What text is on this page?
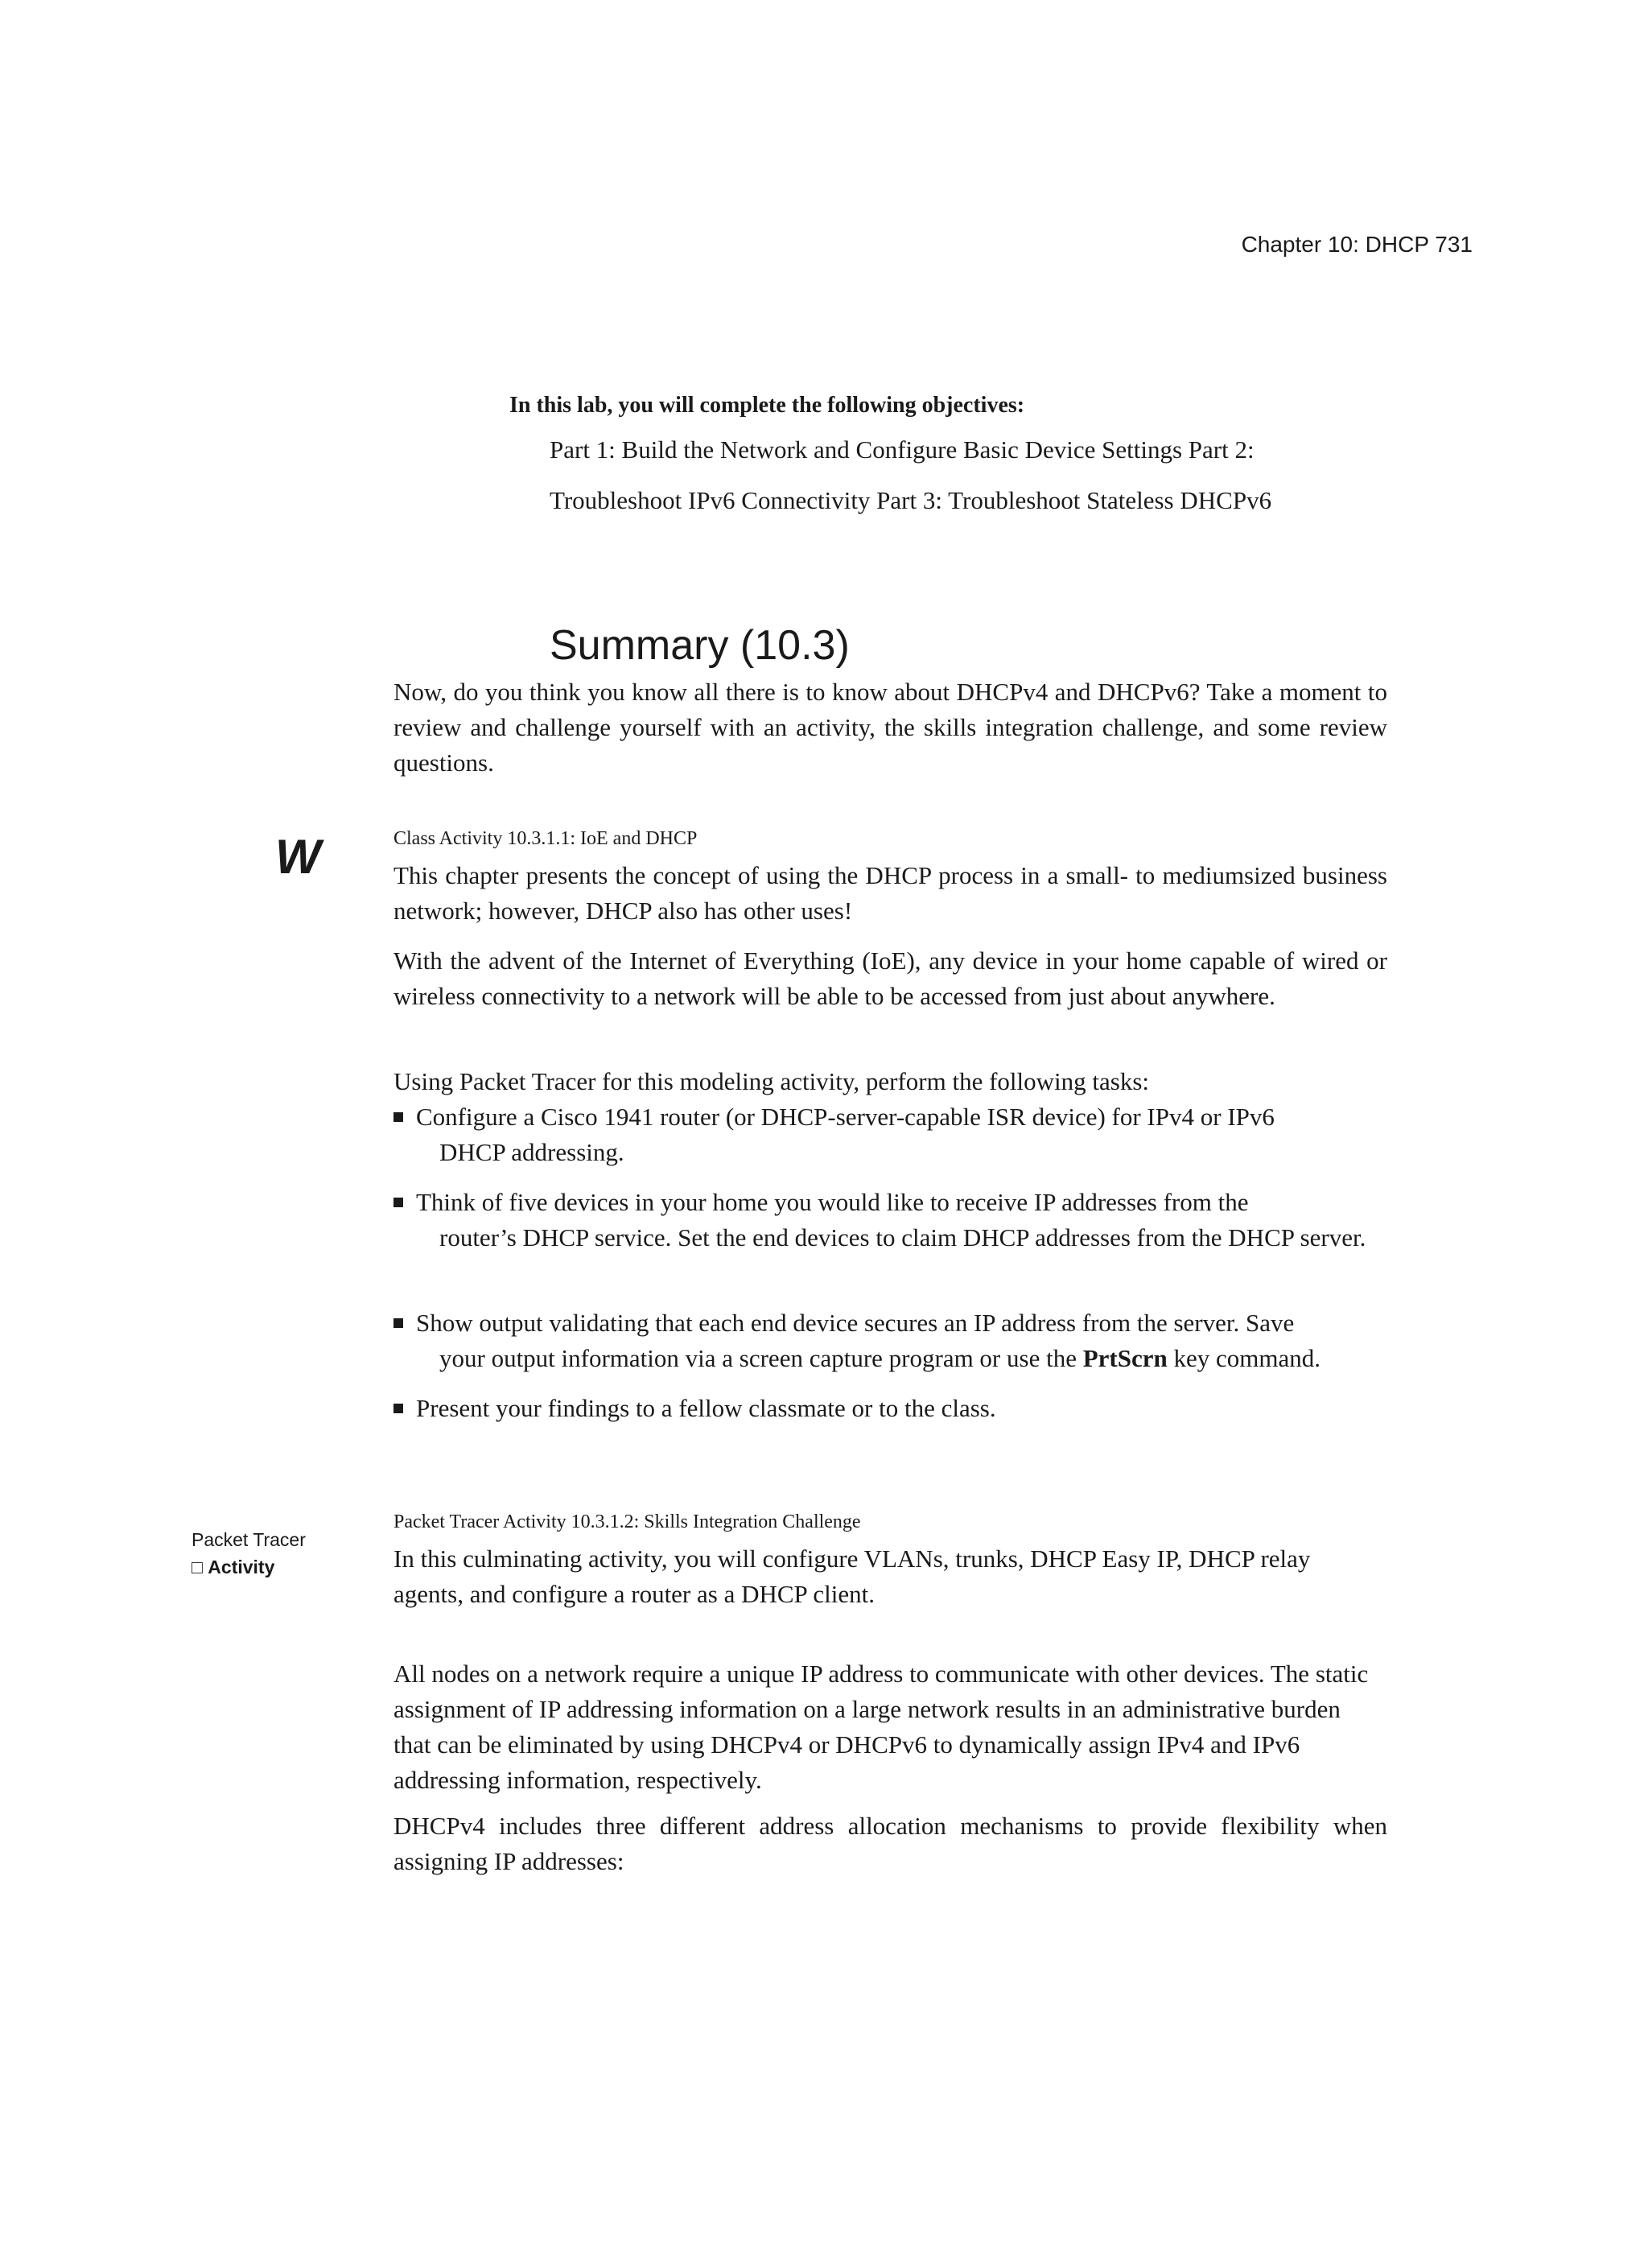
Chapter 10: DHCP 731
In this lab, you will complete the following objectives:
Part 1: Build the Network and Configure Basic Device Settings Part 2:
Troubleshoot IPv6 Connectivity Part 3: Troubleshoot Stateless DHCPv6
Summary (10.3)
Now, do you think you know all there is to know about DHCPv4 and DHCPv6? Take a moment to review and challenge yourself with an activity, the skills integration challenge, and some review questions.
W	Class Activity 10.3.1.1: IoE and DHCP
This chapter presents the concept of using the DHCP process in a small- to mediumsized business network; however, DHCP also has other uses!
With the advent of the Internet of Everything (IoE), any device in your home capable of wired or wireless connectivity to a network will be able to be accessed from just about anywhere.
Using Packet Tracer for this modeling activity, perform the following tasks:
Configure a Cisco 1941 router (or DHCP-server-capable ISR device) for IPv4 or IPv6
DHCP addressing.
Think of five devices in your home you would like to receive IP addresses from the
router’s DHCP service. Set the end devices to claim DHCP addresses from the DHCP server.
Show output validating that each end device secures an IP address from the server. Save
your output information via a screen capture program or use the PrtScrn key command.
Present your findings to a fellow classmate or to the class.
Packet Tracer
□ Activity
Packet Tracer Activity 10.3.1.2: Skills Integration Challenge
In this culminating activity, you will configure VLANs, trunks, DHCP Easy IP, DHCP relay agents, and configure a router as a DHCP client.
All nodes on a network require a unique IP address to communicate with other devices. The static assignment of IP addressing information on a large network results in an administrative burden that can be eliminated by using DHCPv4 or DHCPv6 to dynamically assign IPv4 and IPv6 addressing information, respectively.
DHCPv4 includes three different address allocation mechanisms to provide flexibility when assigning IP addresses:
